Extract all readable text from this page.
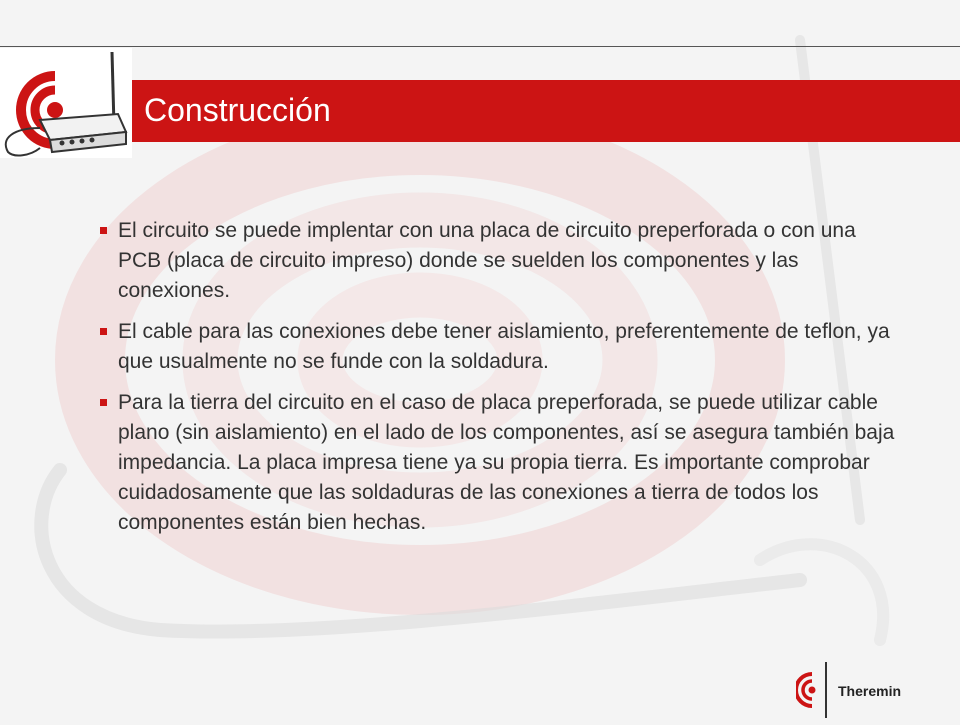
Construcción
El circuito se puede implentar con una placa de circuito preperforada o con una PCB (placa de circuito impreso) donde se suelden los componentes y las conexiones.
El cable para las conexiones debe tener aislamiento, preferentemente de teflon, ya que usualmente no se funde con la soldadura.
Para la tierra del circuito en el caso de placa preperforada, se puede utilizar cable plano (sin aislamiento) en el lado de los componentes, así se asegura también baja impedancia. La placa impresa tiene ya su propia tierra. Es importante comprobar cuidadosamente que las soldaduras de las conexiones a tierra de todos los componentes están bien hechas.
Theremin
